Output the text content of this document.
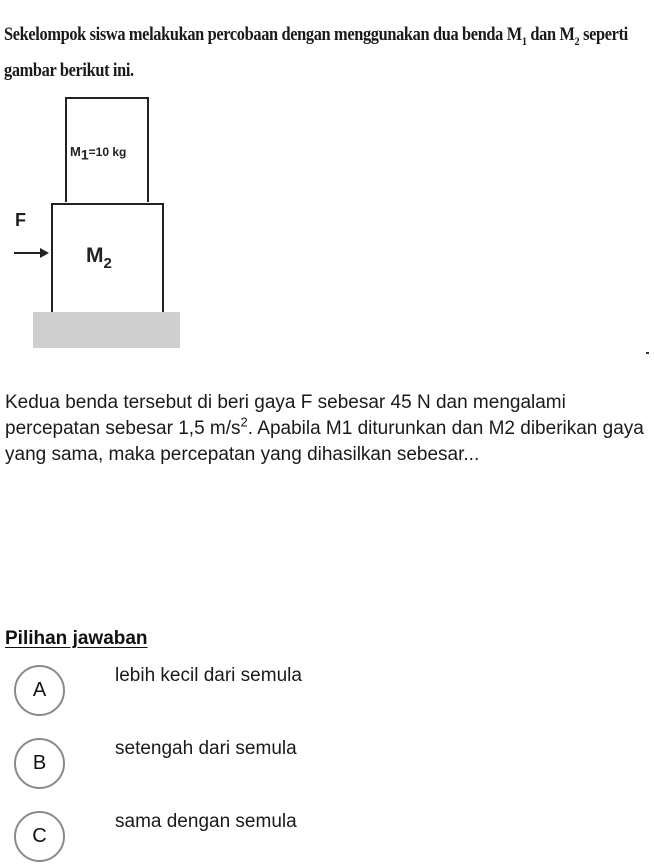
Sekelompok siswa melakukan percobaan dengan menggunakan dua benda $M_1$ dan $M_2$ seperti gambar berikut ini.
$M_1=10$ kg
$M_2$
F
Kedua benda tersebut di beri gaya F sebesar 45 N dan mengalami percepatan sebesar 1,5 $m/s^2$. Apabila M1 diturunkan dan M2 diberikan gaya yang sama, maka percepatan yang dihasilkan sebesar...
Pilihan jawaban
A
lebih kecil dari semula
B
setengah dari semula
C
sama dengan semula
